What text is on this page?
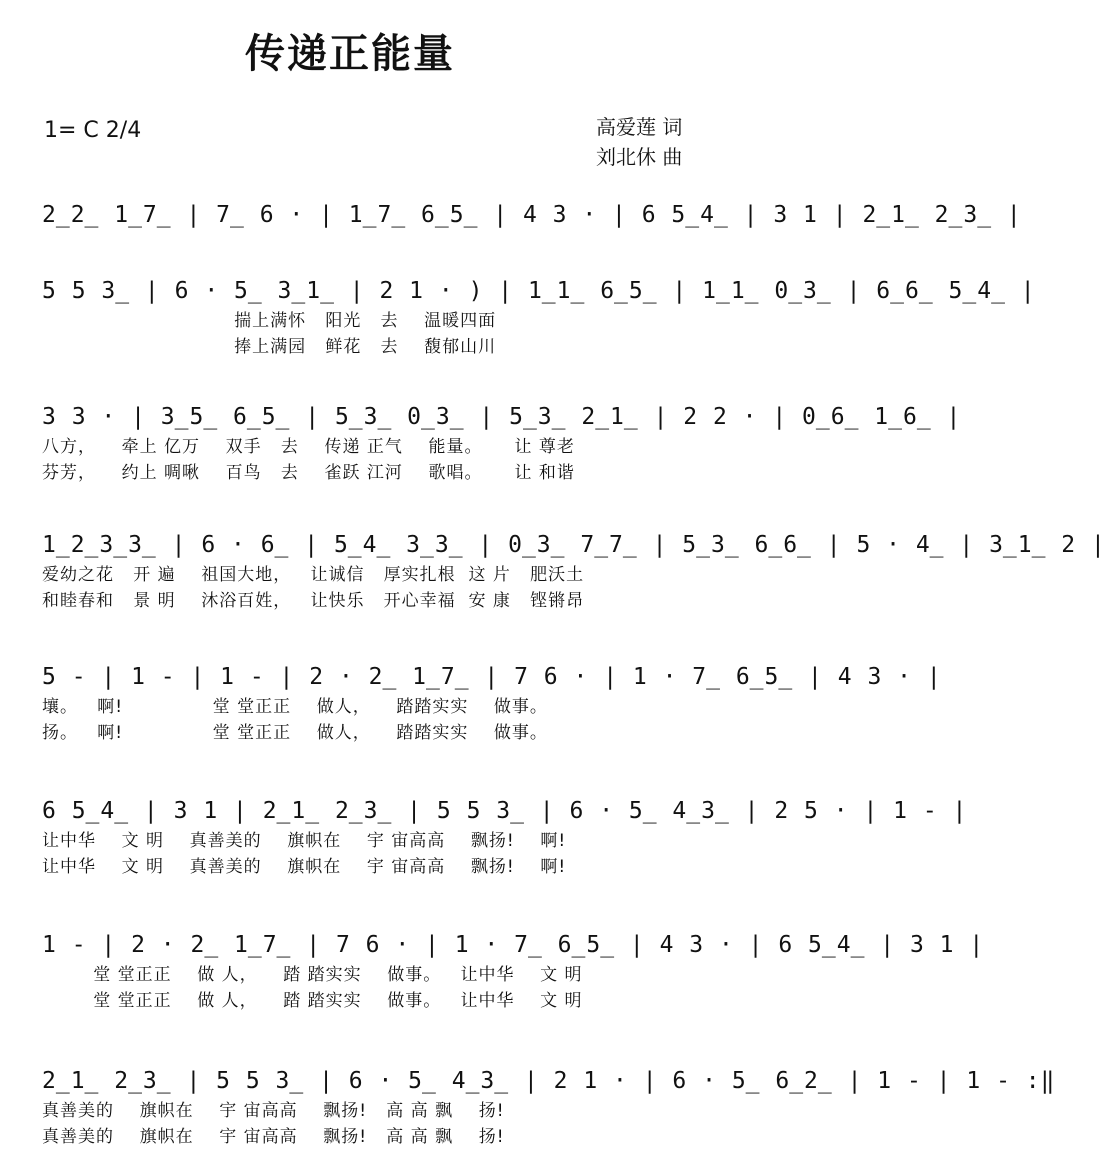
传递正能量
1= C 2/4	高爱莲 词
刘北休 曲
2̲2̲ 1̲7̲ | 7̲ 6 · | 1̲7̲ 6̲5̲ | 4 3 · | 6 5̲4̲ | 3 1 | 2̲1̲ 2̲3̲ |
5 5 3̲ | 6 · 5̲ 3̲1̲ | 2 1 · ) | 1̲1̲ 6̲5̲ | 1̲1̲ 0̲3̲ | 6̲6̲ 5̲4̲ |
揣上满怀   阳光   去    温暖四面
捧上满园   鲜花   去    馥郁山川
3 3 · | 3̲5̲ 6̲5̲ | 5̲3̲ 0̲3̲ | 5̲3̲ 2̲1̲ | 2 2 · | 0̲6̲ 1̲6̲ |
八方，    牵上 亿万    双手   去    传递 正气    能量。     让 尊老
芬芳，    约上 啁啾    百鸟   去    雀跃 江河    歌唱。     让 和谐
1̲2̲3̲3̲ | 6 · 6̲ | 5̲4̲ 3̲3̲ | 0̲3̲ 7̲7̲ | 5̲3̲ 6̲6̲ | 5 · 4̲ | 3̲1̲ 2 |
爱幼之花   开 遍    祖国大地，   让诚信   厚实扎根  这 片   肥沃土
和睦春和   景 明    沐浴百姓，   让快乐   开心幸福  安 康   铿锵昂
5 - | 1 - | 1 - | 2 · 2̲ 1̲7̲ | 7 6 · | 1 · 7̲ 6̲5̲ | 4 3 · |
壤。   啊!              堂 堂正正    做人，    踏踏实实    做事。
扬。   啊!              堂 堂正正    做人，    踏踏实实    做事。
6 5̲4̲ | 3 1 | 2̲1̲ 2̲3̲ | 5 5 3̲ | 6 · 5̲ 4̲3̲ | 2 5 · | 1 - |
让中华    文 明    真善美的    旗帜在    宇 宙高高    飘扬!    啊!
让中华    文 明    真善美的    旗帜在    宇 宙高高    飘扬!    啊!
1 - | 2 · 2̲ 1̲7̲ | 7 6 · | 1 · 7̲ 6̲5̲ | 4 3 · | 6 5̲4̲ | 3 1 |
堂 堂正正    做 人，    踏 踏实实    做事。   让中华    文 明
堂 堂正正    做 人，    踏 踏实实    做事。   让中华    文 明
2̲1̲ 2̲3̲ | 5 5 3̲ | 6 · 5̲ 4̲3̲ | 2 1 · | 6 · 5̲ 6̲2̲ | 1 - | 1 - :‖
真善美的    旗帜在    宇 宙高高    飘扬!   高 高 飘    扬!
真善美的    旗帜在    宇 宙高高    飘扬!   高 高 飘    扬!
